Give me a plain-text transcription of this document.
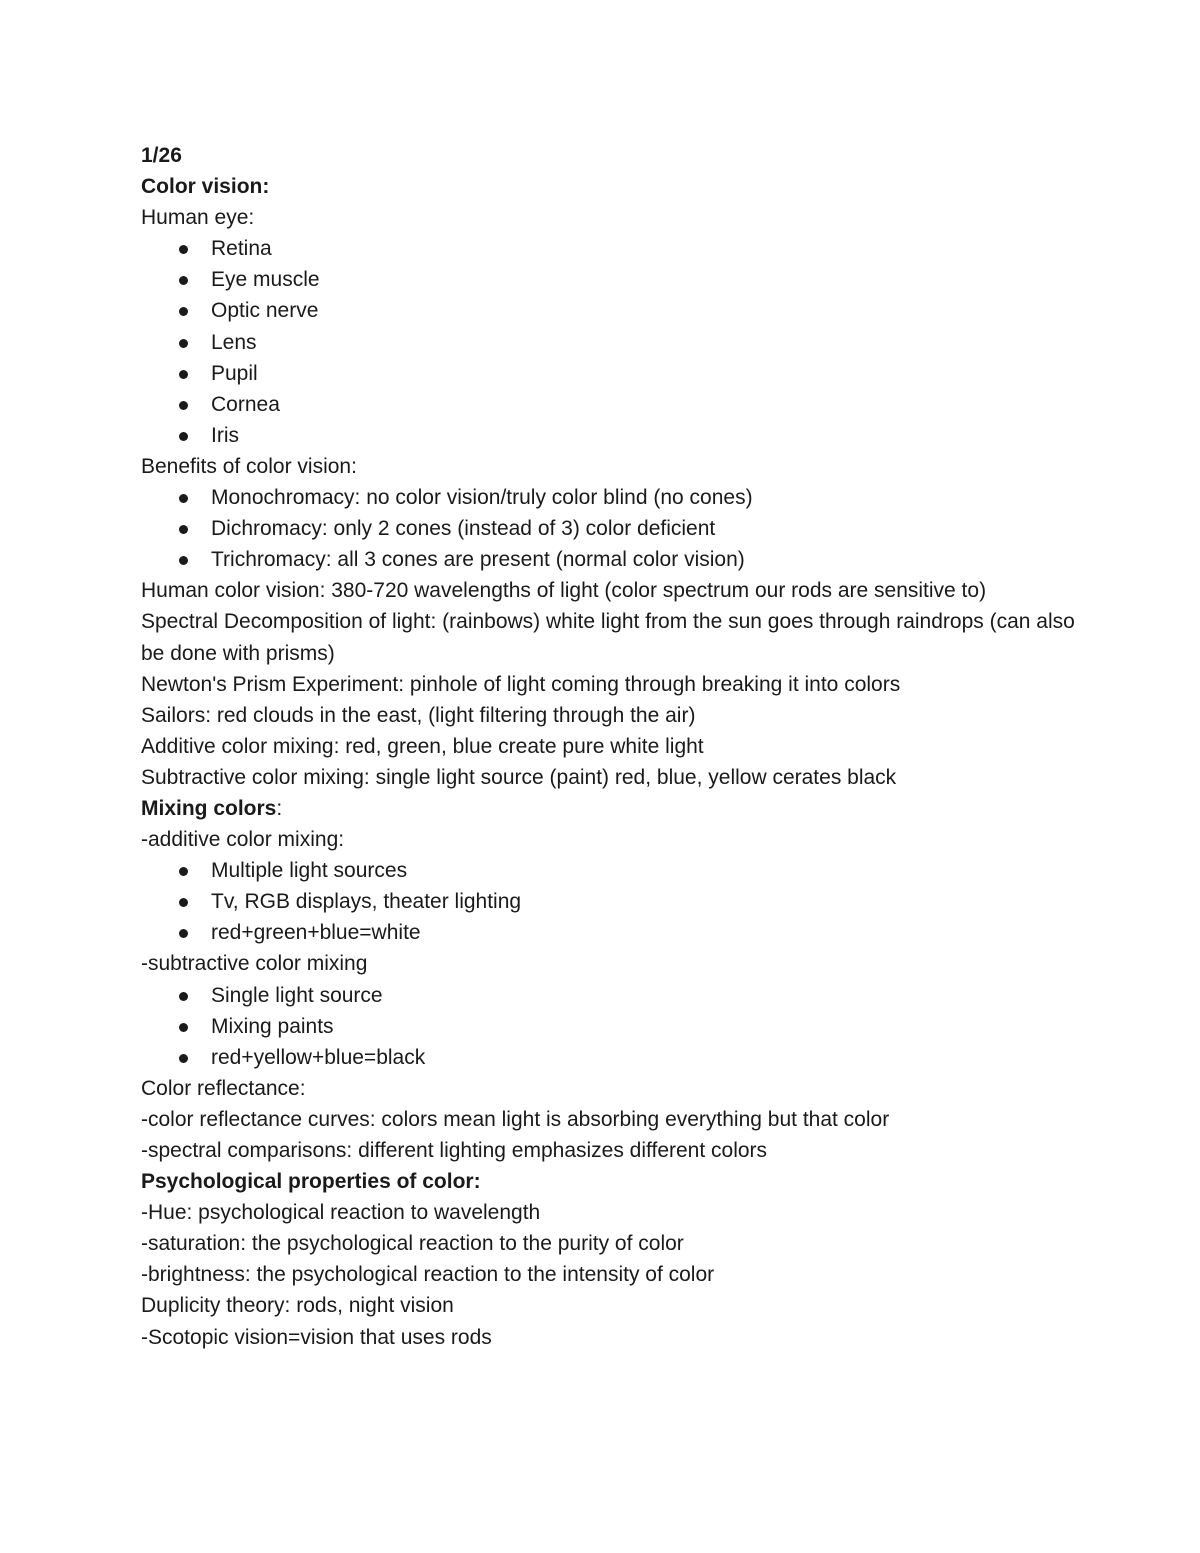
1/26

Color vision:

Human eye:

Retina
Eye muscle
Optic nerve
Lens
Pupil
Cornea
Iris

Benefits of color vision:

Monochromacy: no color vision/truly color blind (no cones)
Dichromacy: only 2 cones (instead of 3) color deficient
Trichromacy: all 3 cones are present (normal color vision)

Human color vision: 380-720 wavelengths of light (color spectrum our rods are sensitive to)

Spectral Decomposition of light: (rainbows) white light from the sun goes through raindrops (can also be done with prisms)

Newton's Prism Experiment: pinhole of light coming through breaking it into colors

Sailors: red clouds in the east, (light filtering through the air)

Additive color mixing: red, green, blue create pure white light

Subtractive color mixing: single light source (paint) red, blue, yellow cerates black

Mixing colors:

-additive color mixing:

Multiple light sources
Tv, RGB displays, theater lighting
red+green+blue=white

-subtractive color mixing

Single light source
Mixing paints
red+yellow+blue=black

Color reflectance:

-color reflectance curves: colors mean light is absorbing everything but that color

-spectral comparisons: different lighting emphasizes different colors

Psychological properties of color:

-Hue: psychological reaction to wavelength

-saturation: the psychological reaction to the purity of color

-brightness: the psychological reaction to the intensity of color

Duplicity theory: rods, night vision

-Scotopic vision=vision that uses rods
